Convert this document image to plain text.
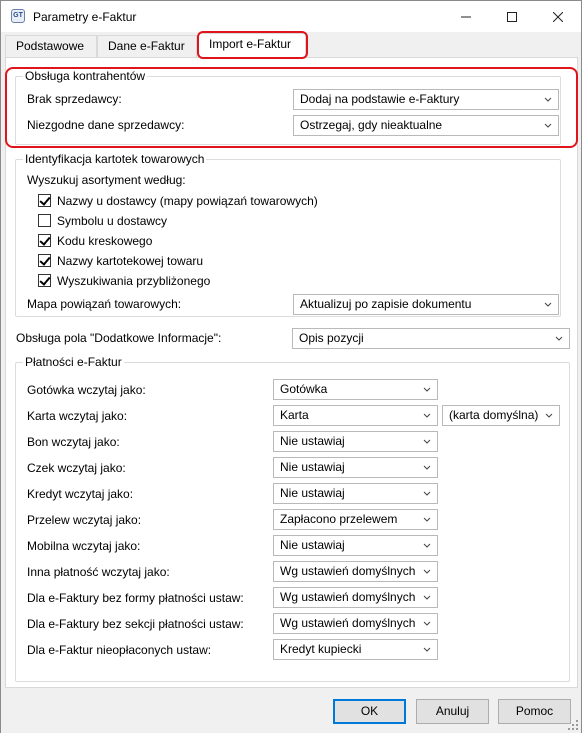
GT Parametry e-Faktur
Podstawowe	Dane e-Faktur	Import e-Faktur
Obsługa kontrahentów
Brak sprzedawcy:	Dodaj na podstawie e-Faktury
Niezgodne dane sprzedawcy:	Ostrzegaj, gdy nieaktualne
Identyfikacja kartotek towarowych
Wyszukuj asortyment według:
Nazwy u dostawcy (mapy powiązań towarowych)
Symbolu u dostawcy
Kodu kreskowego
Nazwy kartotekowej towaru
Wyszukiwania przybliżonego
Mapa powiązań towarowych:	Aktualizuj po zapisie dokumentu
Obsługa pola "Dodatkowe Informacje":	Opis pozycji
Płatności e-Faktur
Gotówka wczytaj jako:	Gotówka
Karta wczytaj jako:	Karta	(karta domyślna)
Bon wczytaj jako:	Nie ustawiaj
Czek wczytaj jako:	Nie ustawiaj
Kredyt wczytaj jako:	Nie ustawiaj
Przelew wczytaj jako:	Zapłacono przelewem
Mobilna wczytaj jako:	Nie ustawiaj
Inna płatność wczytaj jako:	Wg ustawień domyślnych
Dla e-Faktury bez formy płatności ustaw:	Wg ustawień domyślnych
Dla e-Faktury bez sekcji płatności ustaw:	Wg ustawień domyślnych
Dla e-Faktur nieopłaconych ustaw:	Kredyt kupiecki
OK	Anuluj	Pomoc
